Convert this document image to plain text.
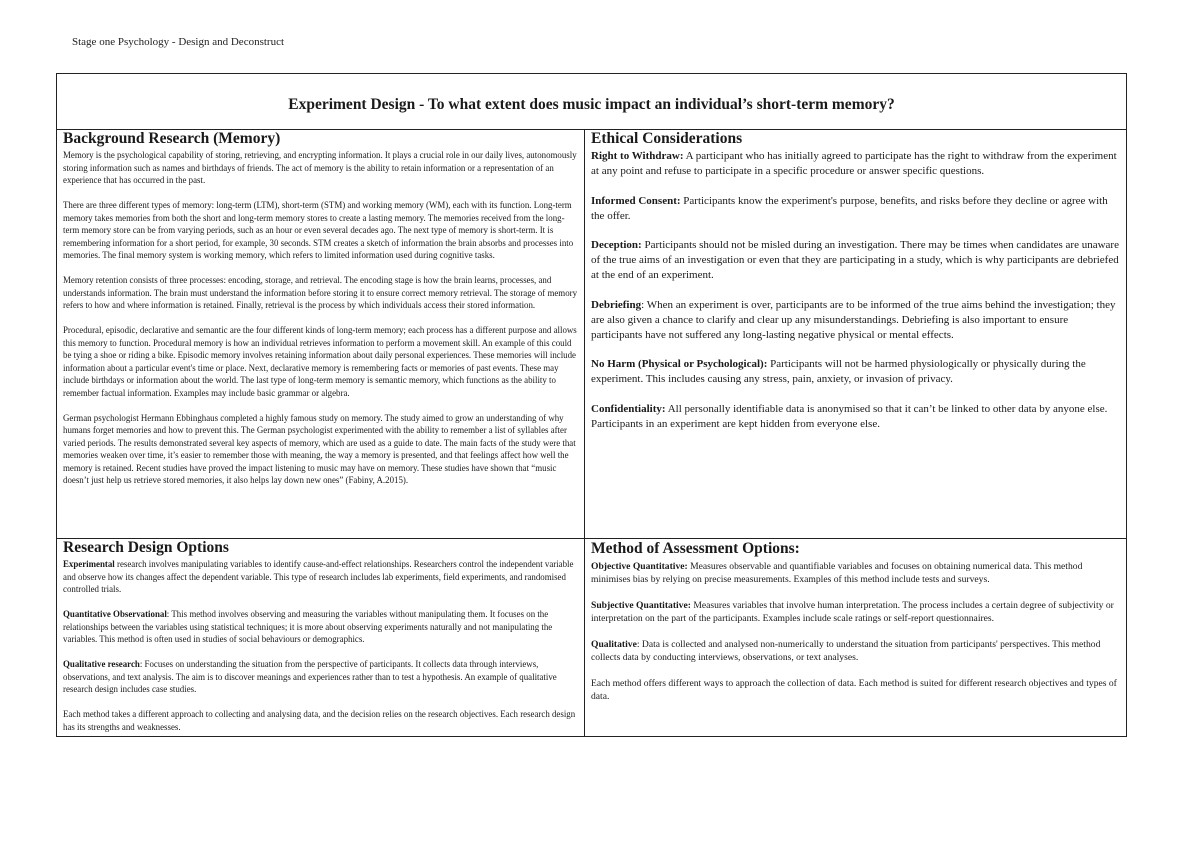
Stage one Psychology - Design and Deconstruct
Experiment Design - To what extent does music impact an individual’s short-term memory?
Background Research (Memory)

Memory is the psychological capability of storing, retrieving, and encrypting information. It plays a crucial role in our daily lives, autonomously storing information such as names and birthdays of friends. The act of memory is the ability to retain information or a representation of an experience that has occurred in the past.

There are three different types of memory: long-term (LTM), short-term (STM) and working memory (WM), each with its function. Long-term memory takes memories from both the short and long-term memory stores to create a lasting memory. The memories received from the long-term memory store can be from varying periods, such as an hour or even several decades ago. The next type of memory is short-term. It is remembering information for a short period, for example, 30 seconds. STM creates a sketch of information the brain absorbs and processes into memories. The final memory system is working memory, which refers to limited information used during cognitive tasks.

Memory retention consists of three processes: encoding, storage, and retrieval. The encoding stage is how the brain learns, processes, and understands information. The brain must understand the information before storing it to ensure correct memory retrieval. The storage of memory refers to how and where information is retained. Finally, retrieval is the process by which individuals access their stored information.

Procedural, episodic, declarative and semantic are the four different kinds of long-term memory; each process has a different purpose and allows this memory to function. Procedural memory is how an individual retrieves information to perform a movement skill. An example of this could be tying a shoe or riding a bike. Episodic memory involves retaining information about daily personal experiences. These memories will include information about a particular event's time or place. Next, declarative memory is remembering facts or memories of past events. These may include birthdays or information about the world. The last type of long-term memory is semantic memory, which functions as the ability to remember factual information. Examples may include basic grammar or algebra.

German psychologist Hermann Ebbinghaus completed a highly famous study on memory. The study aimed to grow an understanding of why humans forget memories and how to prevent this. The German psychologist experimented with the ability to remember a list of syllables after varied periods. The results demonstrated several key aspects of memory, which are used as a guide to date. The main facts of the study were that memories weaken over time, it’s easier to remember those with meaning, the way a memory is presented, and that feelings affect how well the memory is retained. Recent studies have proved the impact listening to music may have on memory. These studies have shown that “music doesn’t just help us retrieve stored memories, it also helps lay down new ones” (Fabiny, A.2015).

Ethical Considerations

Right to Withdraw: A participant who has initially agreed to participate has the right to withdraw from the experiment at any point and refuse to participate in a specific procedure or answer specific questions.

Informed Consent: Participants know the experiment's purpose, benefits, and risks before they decline or agree with the offer.

Deception: Participants should not be misled during an investigation. There may be times when candidates are unaware of the true aims of an investigation or even that they are participating in a study, which is why participants are debriefed at the end of an experiment.

Debriefing: When an experiment is over, participants are to be informed of the true aims behind the investigation; they are also given a chance to clarify and clear up any misunderstandings. Debriefing is also important to ensure participants have not suffered any long-lasting negative physical or mental effects.

No Harm (Physical or Psychological): Participants will not be harmed physiologically or physically during the experiment. This includes causing any stress, pain, anxiety, or invasion of privacy.

Confidentiality: All personally identifiable data is anonymised so that it can’t be linked to other data by anyone else. Participants in an experiment are kept hidden from everyone else.

Research Design Options

Experimental research involves manipulating variables to identify cause-and-effect relationships. Researchers control the independent variable and observe how its changes affect the dependent variable. This type of research includes lab experiments, field experiments, and randomised controlled trials.

Quantitative Observational: This method involves observing and measuring the variables without manipulating them. It focuses on the relationships between the variables using statistical techniques; it is more about observing experiments naturally and not manipulating the variables. This method is often used in studies of social behaviours or demographics.

Qualitative research: Focuses on understanding the situation from the perspective of participants. It collects data through interviews, observations, and text analysis. The aim is to discover meanings and experiences rather than to test a hypothesis. An example of qualitative research design includes case studies.

Each method takes a different approach to collecting and analysing data, and the decision relies on the research objectives. Each research design has its strengths and weaknesses.

Method of Assessment Options:

Objective Quantitative: Measures observable and quantifiable variables and focuses on obtaining numerical data. This method minimises bias by relying on precise measurements. Examples of this method include tests and surveys.

Subjective Quantitative: Measures variables that involve human interpretation. The process includes a certain degree of subjectivity or interpretation on the part of the participants. Examples include scale ratings or self-report questionnaires.

Qualitative: Data is collected and analysed non-numerically to understand the situation from participants' perspectives. This method collects data by conducting interviews, observations, or text analyses.

Each method offers different ways to approach the collection of data. Each method is suited for different research objectives and types of data.
